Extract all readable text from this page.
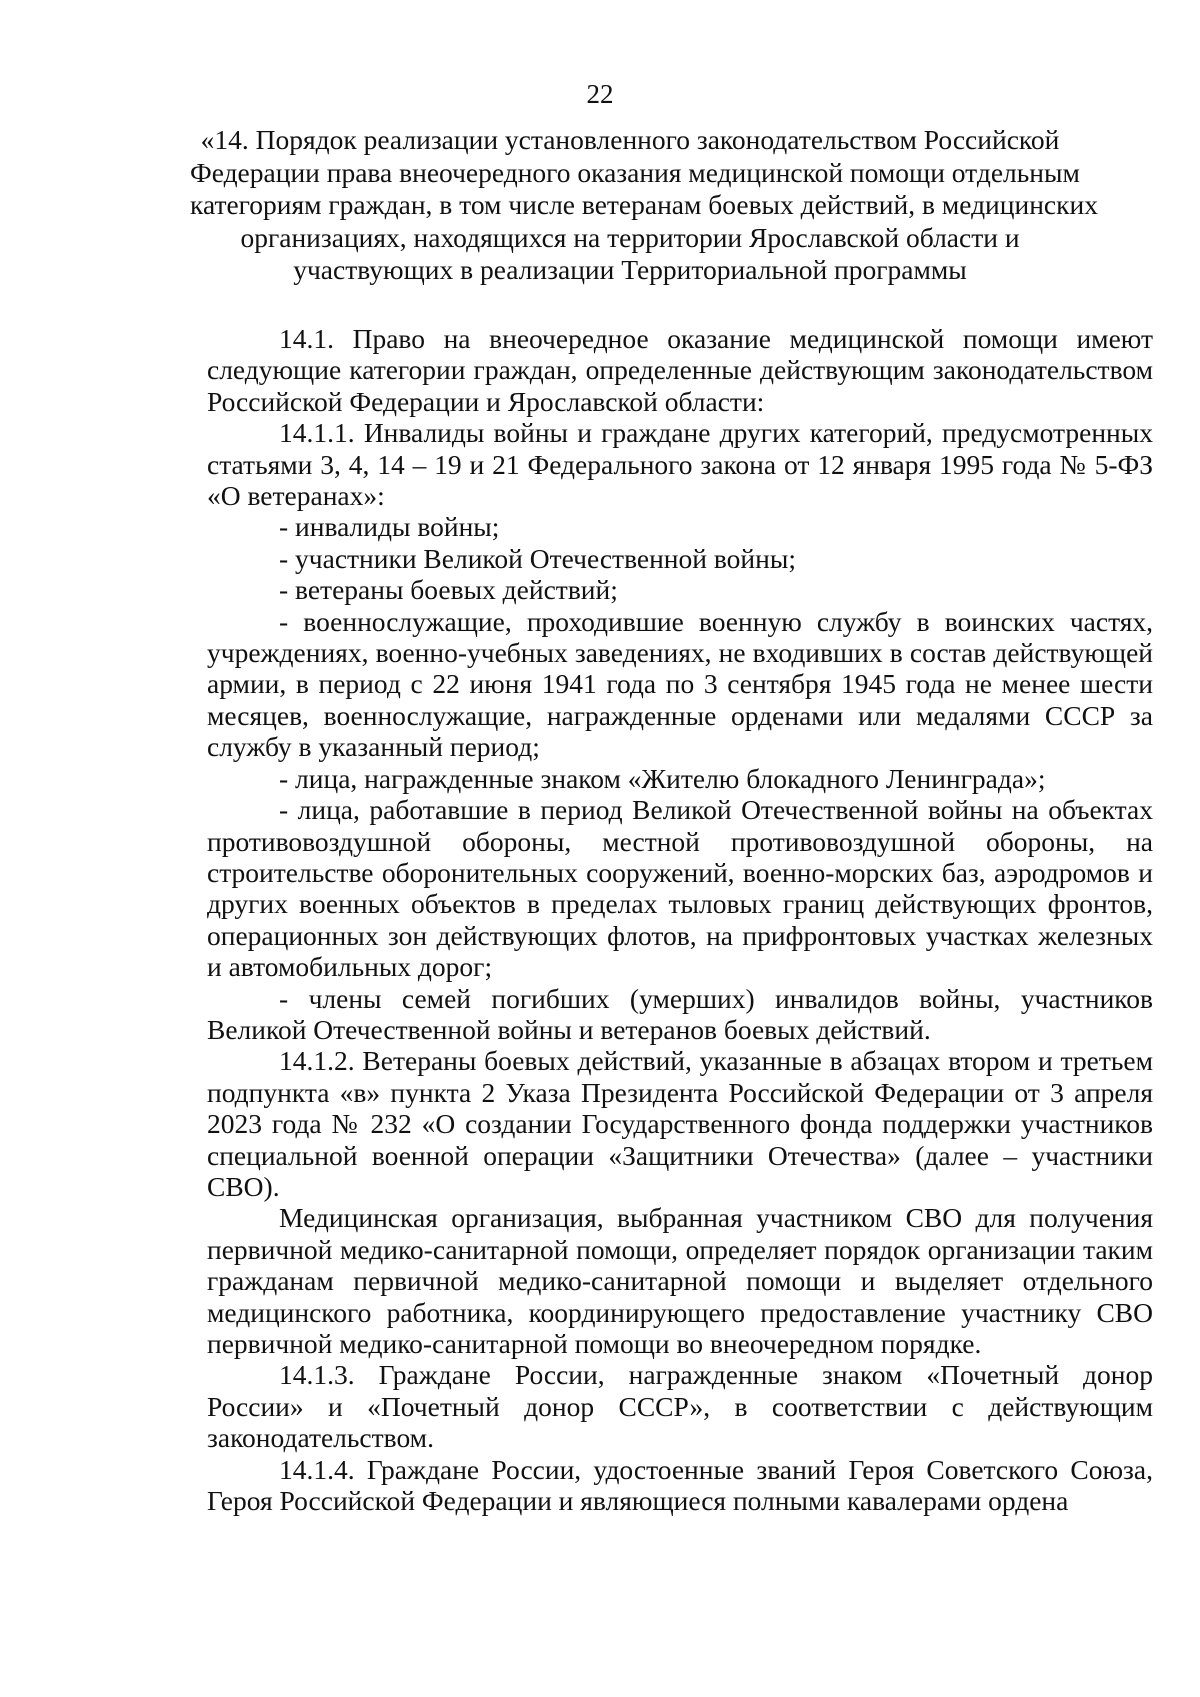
22
«14. Порядок реализации установленного законодательством Российской
Федерации права внеочередного оказания медицинской помощи отдельным
категориям граждан, в том числе ветеранам боевых действий, в медицинских
организациях, находящихся на территории Ярославской области и
участвующих в реализации Территориальной программы

14.1. Право на внеочередное оказание медицинской помощи имеют следующие категории граждан, определенные действующим законодательством Российской Федерации и Ярославской области:

14.1.1. Инвалиды войны и граждане других категорий, предусмотренных статьями 3, 4, 14 – 19 и 21 Федерального закона от 12 января 1995 года № 5-ФЗ «О ветеранах»:

- инвалиды войны;

- участники Великой Отечественной войны;

- ветераны боевых действий;

- военнослужащие, проходившие военную службу в воинских частях, учреждениях, военно-учебных заведениях, не входивших в состав действующей армии, в период с 22 июня 1941 года по 3 сентября 1945 года не менее шести месяцев, военнослужащие, награжденные орденами или медалями СССР за службу в указанный период;

- лица, награжденные знаком «Жителю блокадного Ленинграда»;

- лица, работавшие в период Великой Отечественной войны на объектах противовоздушной обороны, местной противовоздушной обороны, на строительстве оборонительных сооружений, военно-морских баз, аэродромов и других военных объектов в пределах тыловых границ действующих фронтов, операционных зон действующих флотов, на прифронтовых участках железных и автомобильных дорог;

- члены семей погибших (умерших) инвалидов войны, участников Великой Отечественной войны и ветеранов боевых действий.

14.1.2. Ветераны боевых действий, указанные в абзацах втором и третьем подпункта «в» пункта 2 Указа Президента Российской Федерации от 3 апреля 2023 года № 232 «О создании Государственного фонда поддержки участников специальной военной операции «Защитники Отечества» (далее – участники СВО).

Медицинская организация, выбранная участником СВО для получения первичной медико-санитарной помощи, определяет порядок организации таким гражданам первичной медико-санитарной помощи и выделяет отдельного медицинского работника, координирующего предоставление участнику СВО первичной медико-санитарной помощи во внеочередном порядке.

14.1.3. Граждане России, награжденные знаком «Почетный донор России» и «Почетный донор СССР», в соответствии с действующим законодательством.

14.1.4. Граждане России, удостоенные званий Героя Советского Союза, Героя Российской Федерации и являющиеся полными кавалерами ордена
